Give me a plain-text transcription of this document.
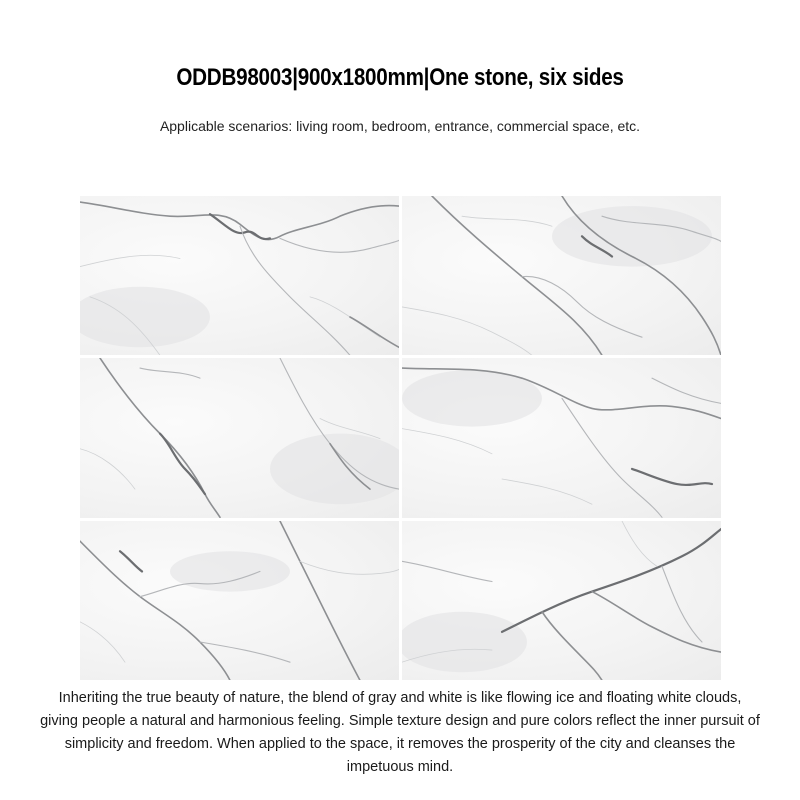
ODDB98003|900x1800mm|One stone, six sides
Applicable scenarios: living room, bedroom, entrance, commercial space, etc.
Inheriting the true beauty of nature, the blend of gray and white is like flowing ice and floating white clouds, giving people a natural and harmonious feeling. Simple texture design and pure colors reflect the inner pursuit of simplicity and freedom. When applied to the space, it removes the prosperity of the city and cleanses the impetuous mind.
